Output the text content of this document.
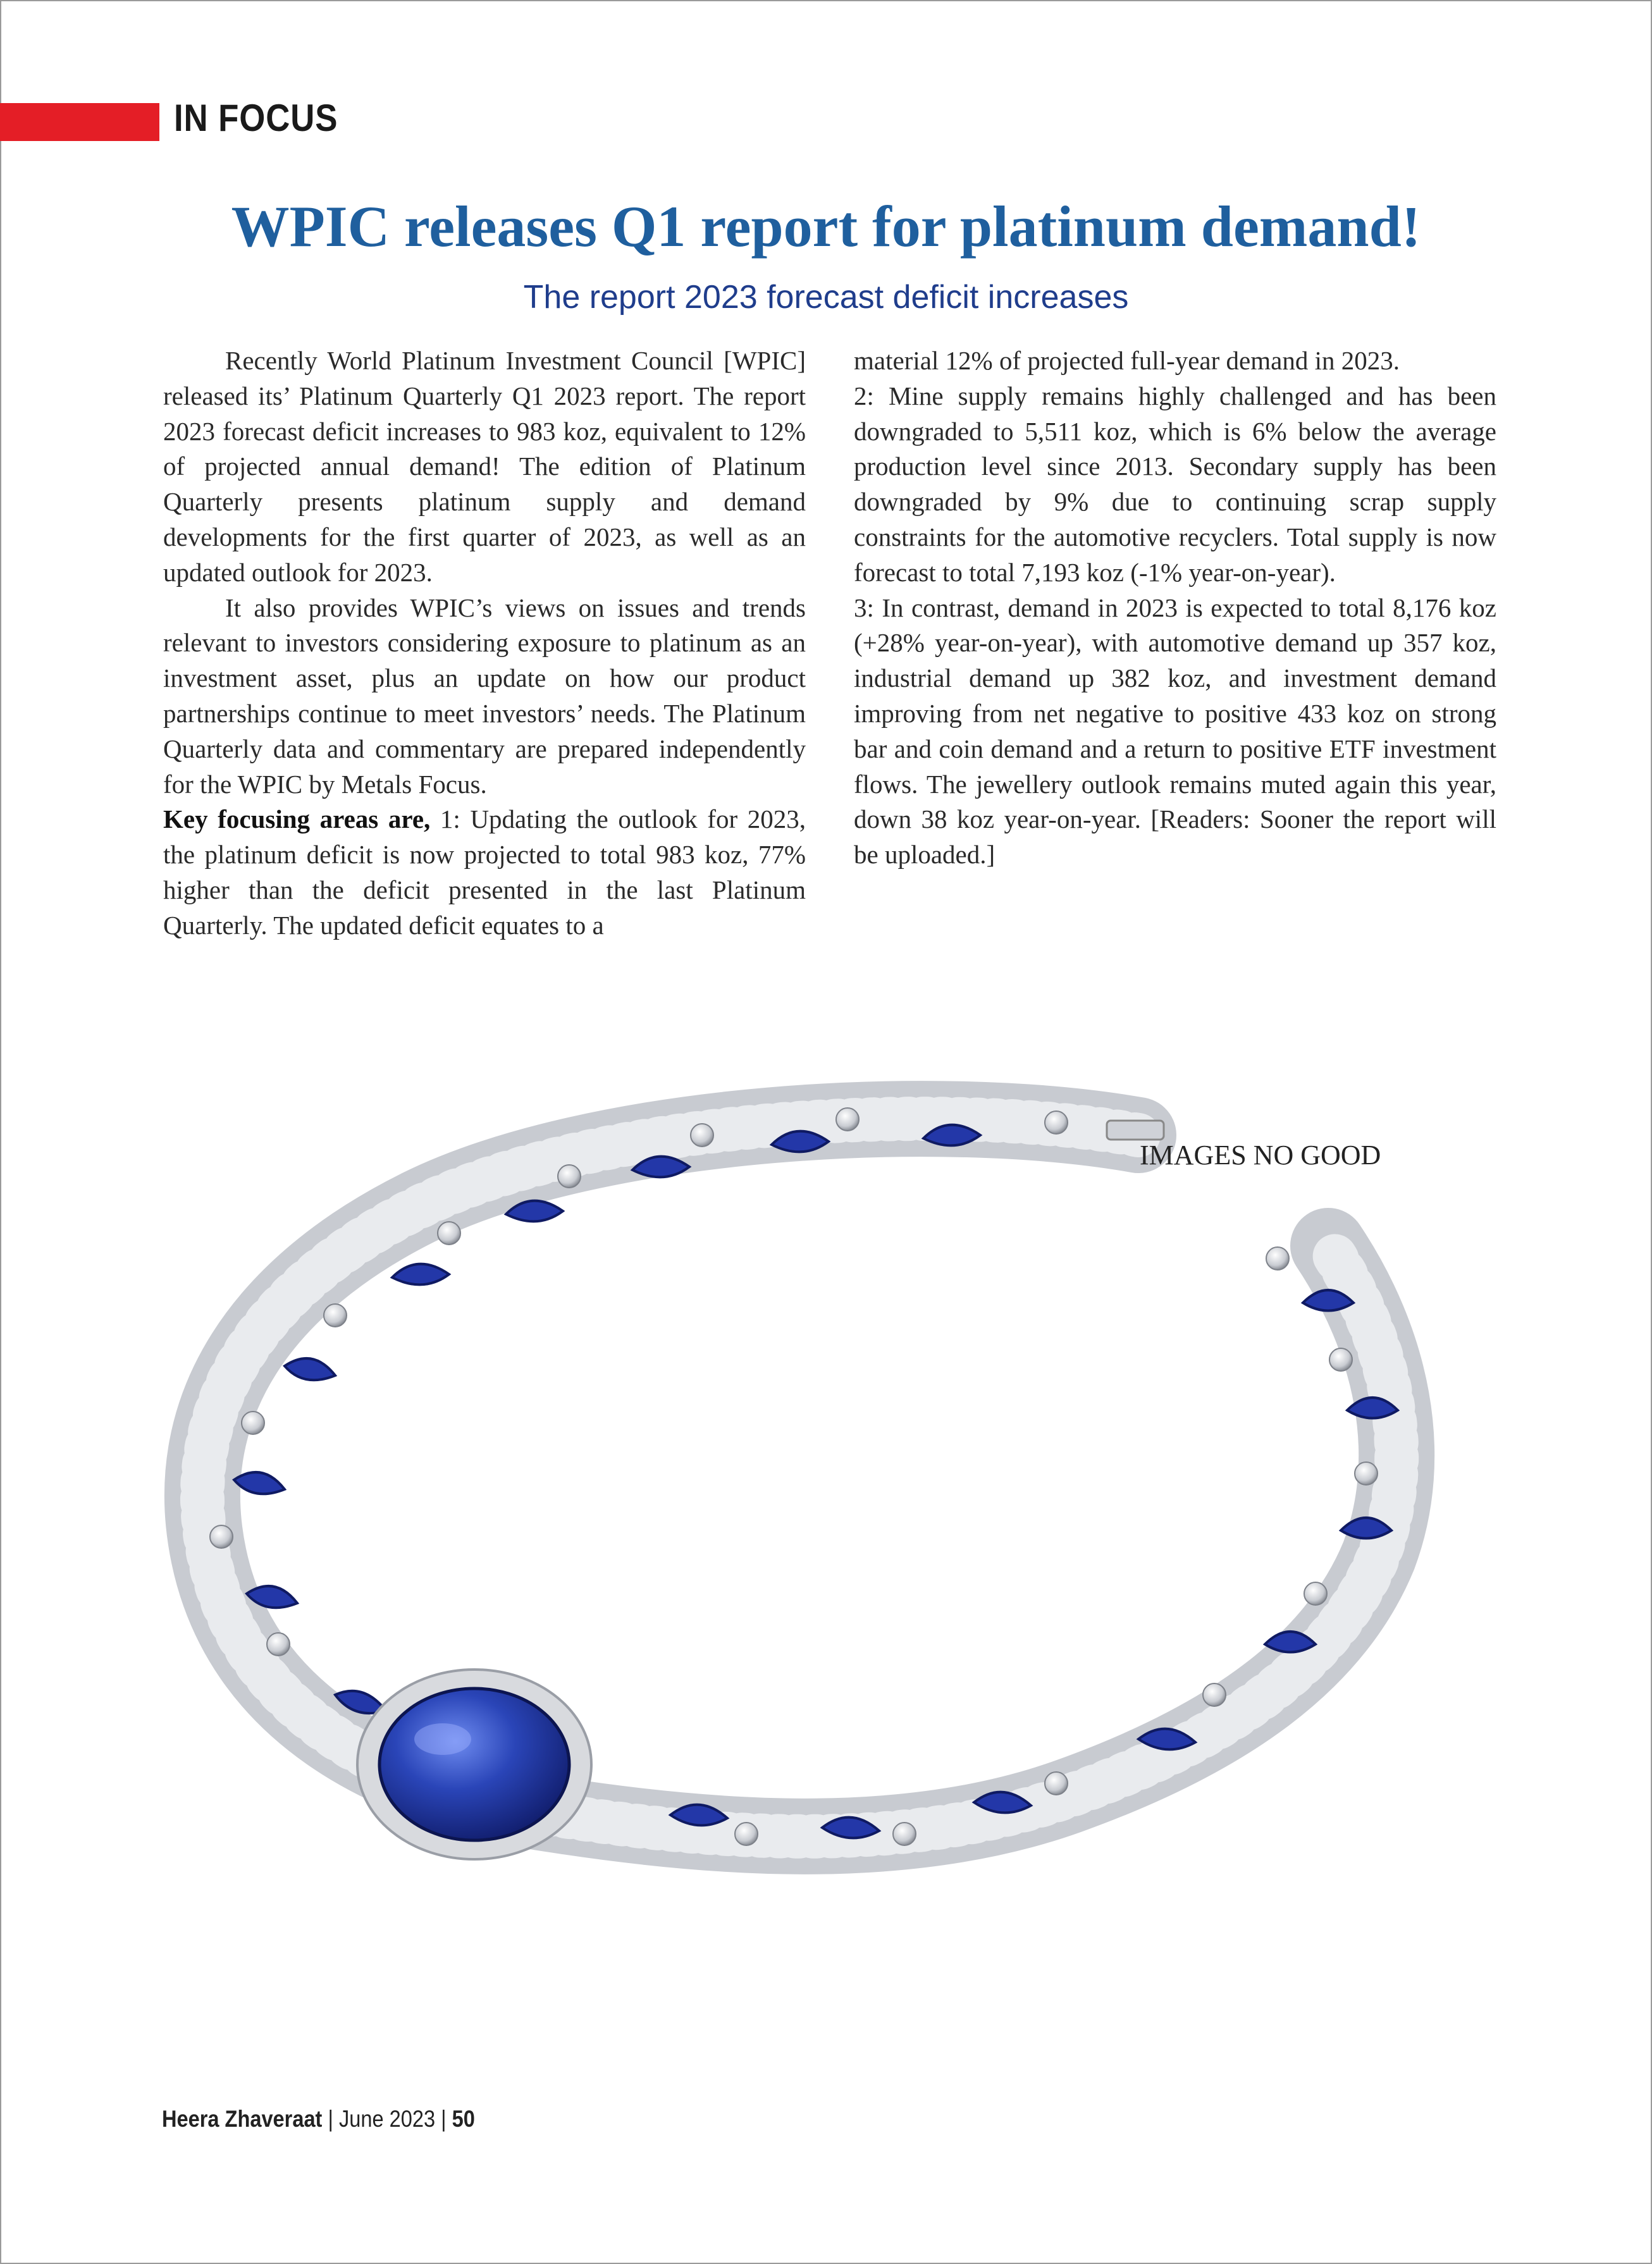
IN FOCUS
WPIC releases Q1 report for platinum demand!
The report 2023 forecast deficit increases

Recently World Platinum Investment Council [WPIC] released its’ Platinum Quarterly Q1 2023 report. The report 2023 forecast deficit increases to 983 koz, equivalent to 12% of projected annual demand! The edition of Platinum Quarterly presents platinum supply and demand developments for the first quarter of 2023, as well as an updated outlook for 2023.

It also provides WPIC’s views on issues and trends relevant to investors considering exposure to platinum as an investment asset, plus an update on how our product partnerships continue to meet investors’ needs. The Platinum Quarterly data and commentary are prepared independently for the WPIC by Metals Focus.

Key focusing areas are, 1: Updating the outlook for 2023, the platinum deficit is now projected to total 983 koz, 77% higher than the deficit presented in the last Platinum Quarterly. The updated deficit equates to a

material 12% of projected full-year demand in 2023.

2: Mine supply remains highly challenged and has been downgraded to 5,511 koz, which is 6% below the average production level since 2013. Secondary supply has been downgraded by 9% due to continuing scrap supply constraints for the automotive recyclers. Total supply is now forecast to total 7,193 koz (-1% year-on-year).

3: In contrast, demand in 2023 is expected to total 8,176 koz (+28% year-on-year), with automotive demand up 357 koz, industrial demand up 382 koz, and investment demand improving from net negative to positive 433 koz on strong bar and coin demand and a return to positive ETF investment flows. The jewellery outlook remains muted again this year, down 38 koz year-on-year. [Readers: Sooner the report will be uploaded.]

IMAGES NO GOOD
Heera Zhaveraat | June 2023 | 50
